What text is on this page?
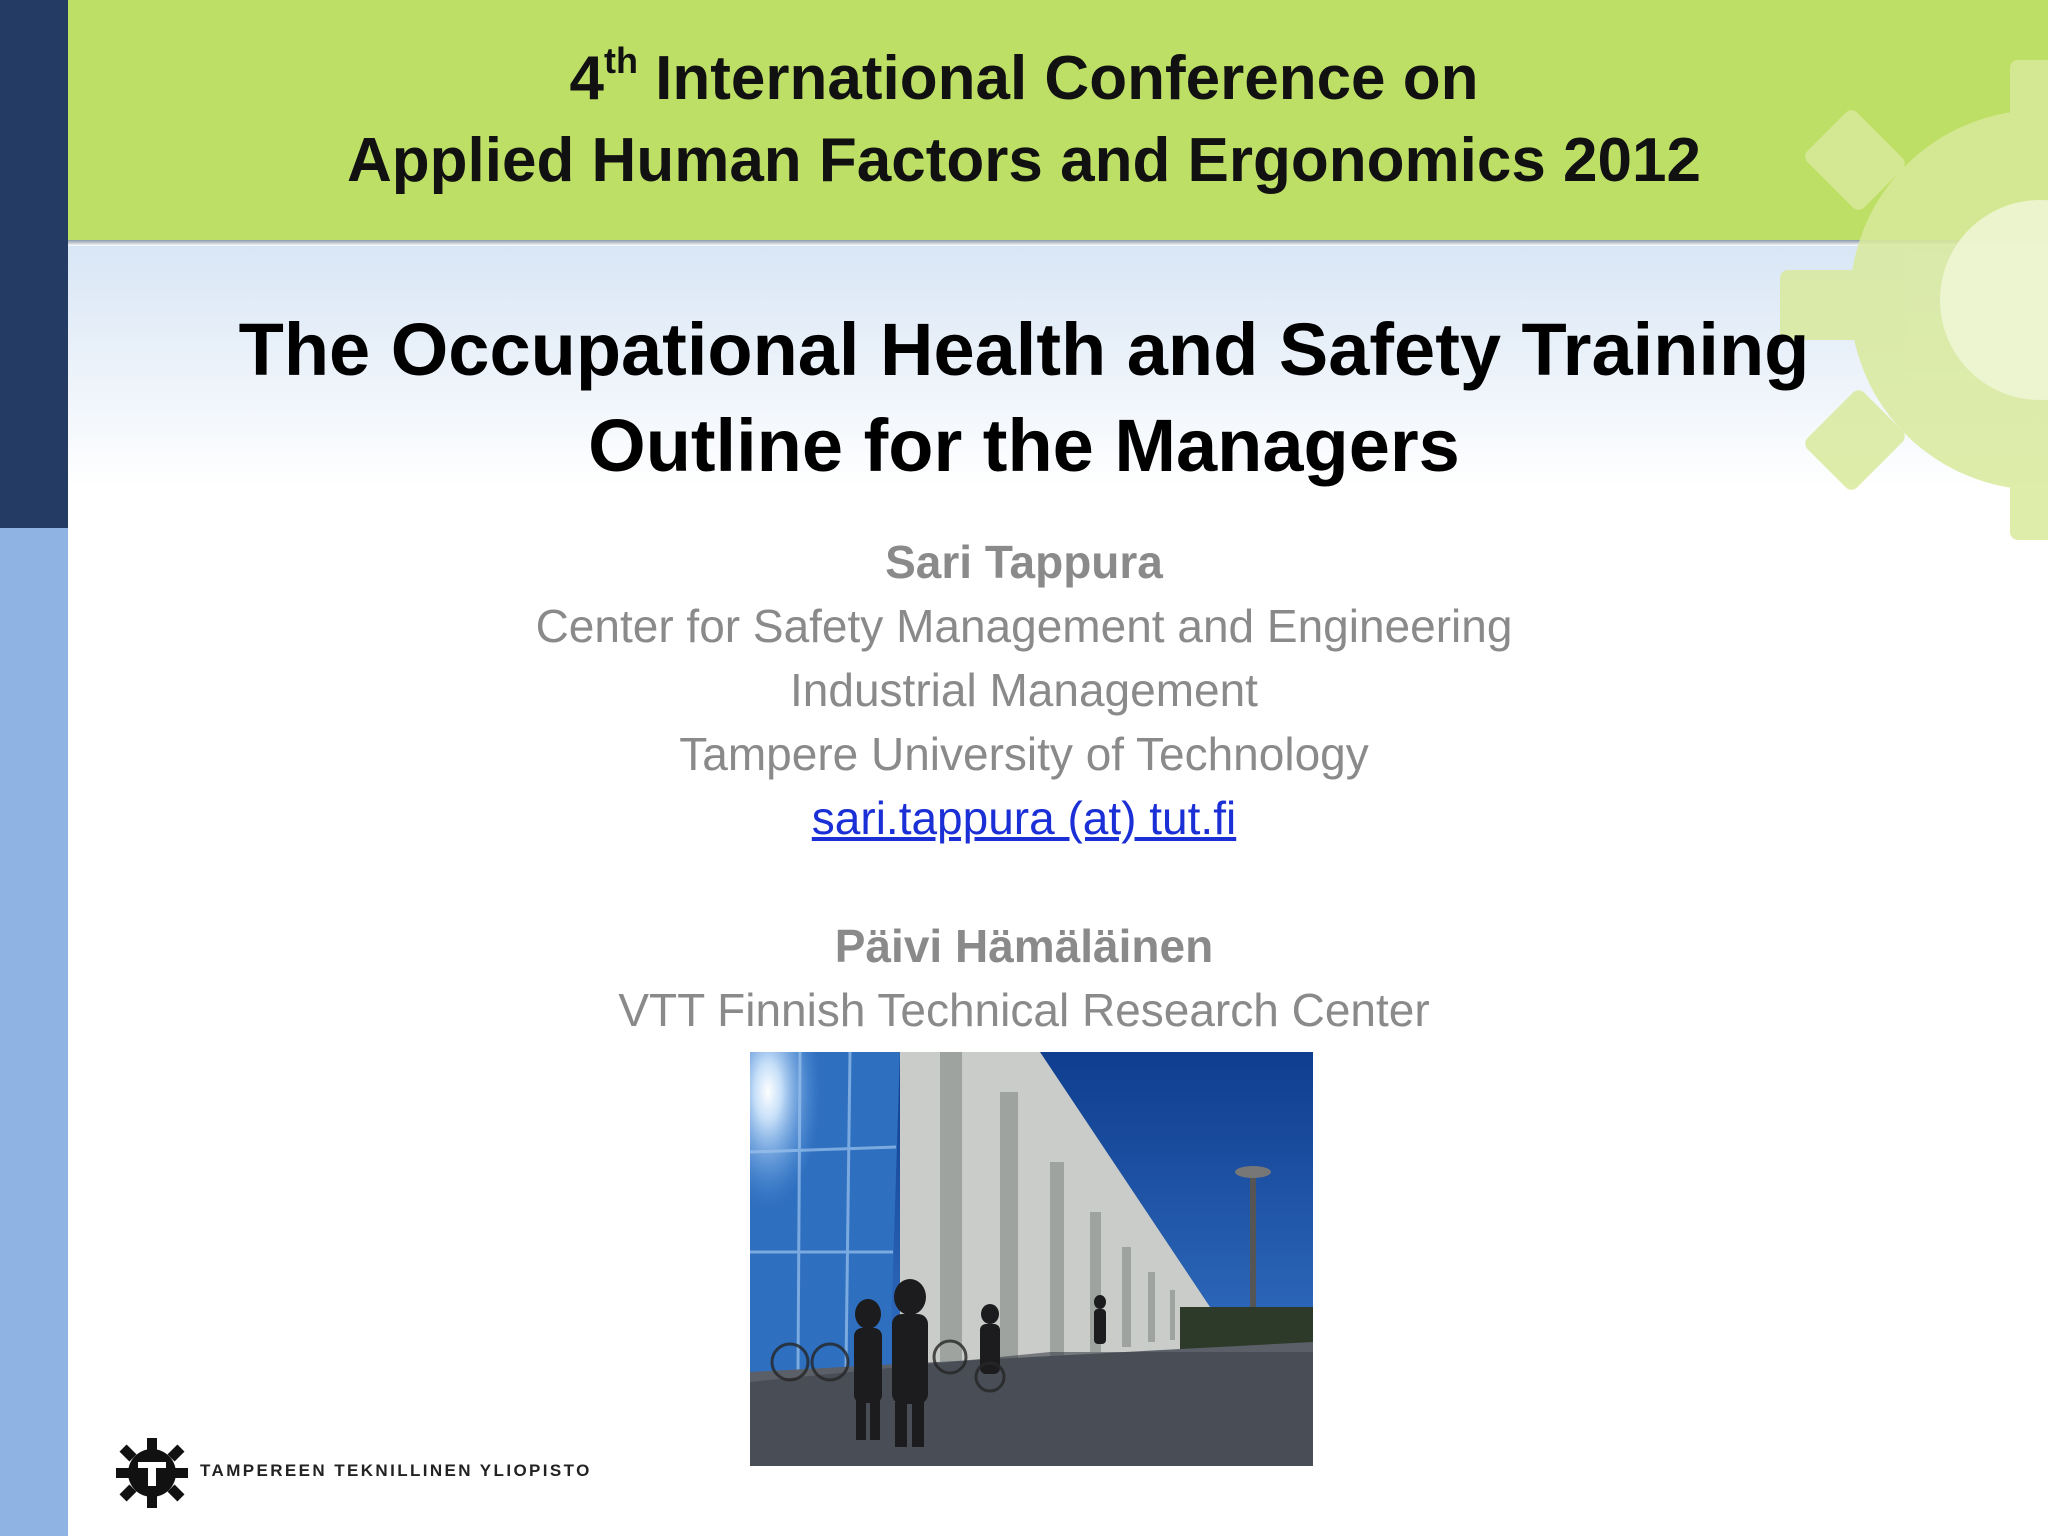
4th International Conference on
Applied Human Factors and Ergonomics 2012
The Occupational Health and Safety Training
Outline for the Managers
Sari Tappura
Center for Safety Management and Engineering
Industrial Management
Tampere University of Technology
sari.tappura (at) tut.fi
Päivi Hämäläinen
VTT Finnish Technical Research Center
TAMPEREEN TEKNILLINEN YLIOPISTO
